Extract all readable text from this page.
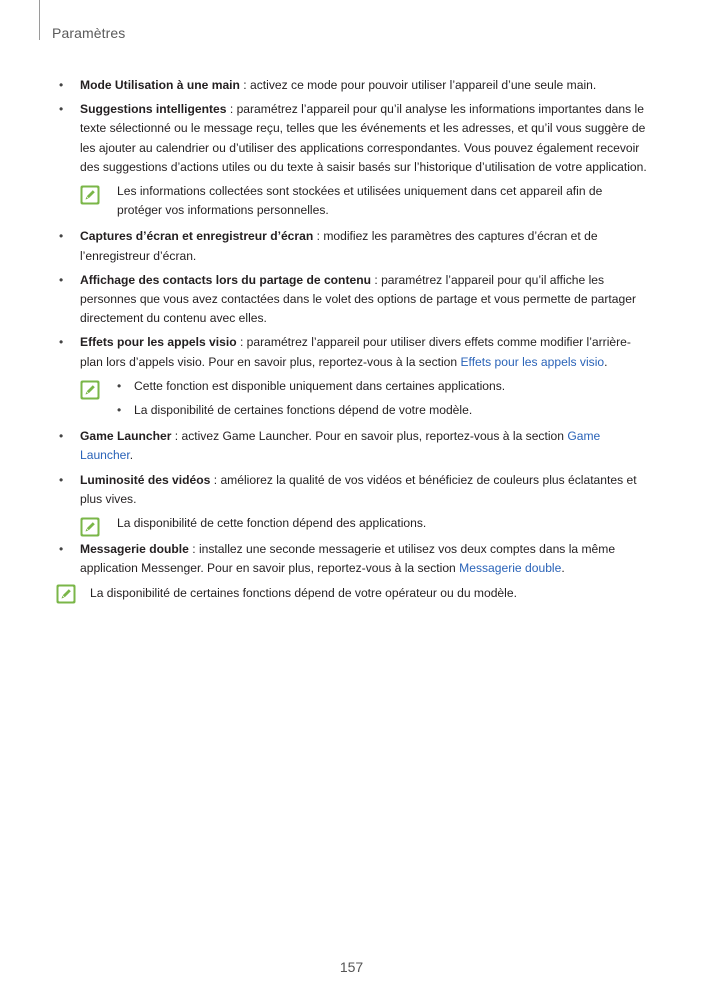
Paramètres
• Mode Utilisation à une main : activez ce mode pour pouvoir utiliser l’appareil d’une seule main.
• Suggestions intelligentes : paramétrez l’appareil pour qu’il analyse les informations importantes dans le texte sélectionné ou le message reçu, telles que les événements et les adresses, et qu’il vous suggère de les ajouter au calendrier ou d’utiliser des applications correspondantes. Vous pouvez également recevoir des suggestions d’actions utiles ou du texte à saisir basés sur l’historique d’utilisation de votre application.
Les informations collectées sont stockées et utilisées uniquement dans cet appareil afin de protéger vos informations personnelles.
• Captures d’écran et enregistreur d’écran : modifiez les paramètres des captures d’écran et de l’enregistreur d’écran.
• Affichage des contacts lors du partage de contenu : paramétrez l’appareil pour qu’il affiche les personnes que vous avez contactées dans le volet des options de partage et vous permette de partager directement du contenu avec elles.
• Effets pour les appels visio : paramétrez l’appareil pour utiliser divers effets comme modifier l’arrière-plan lors d’appels visio. Pour en savoir plus, reportez-vous à la section Effets pour les appels visio.
• Cette fonction est disponible uniquement dans certaines applications.
• La disponibilité de certaines fonctions dépend de votre modèle.
• Game Launcher : activez Game Launcher. Pour en savoir plus, reportez-vous à la section Game Launcher.
• Luminosité des vidéos : améliorez la qualité de vos vidéos et bénéficiez de couleurs plus éclatantes et plus vives.
La disponibilité de cette fonction dépend des applications.
• Messagerie double : installez une seconde messagerie et utilisez vos deux comptes dans la même application Messenger. Pour en savoir plus, reportez-vous à la section Messagerie double.
La disponibilité de certaines fonctions dépend de votre opérateur ou du modèle.
157
